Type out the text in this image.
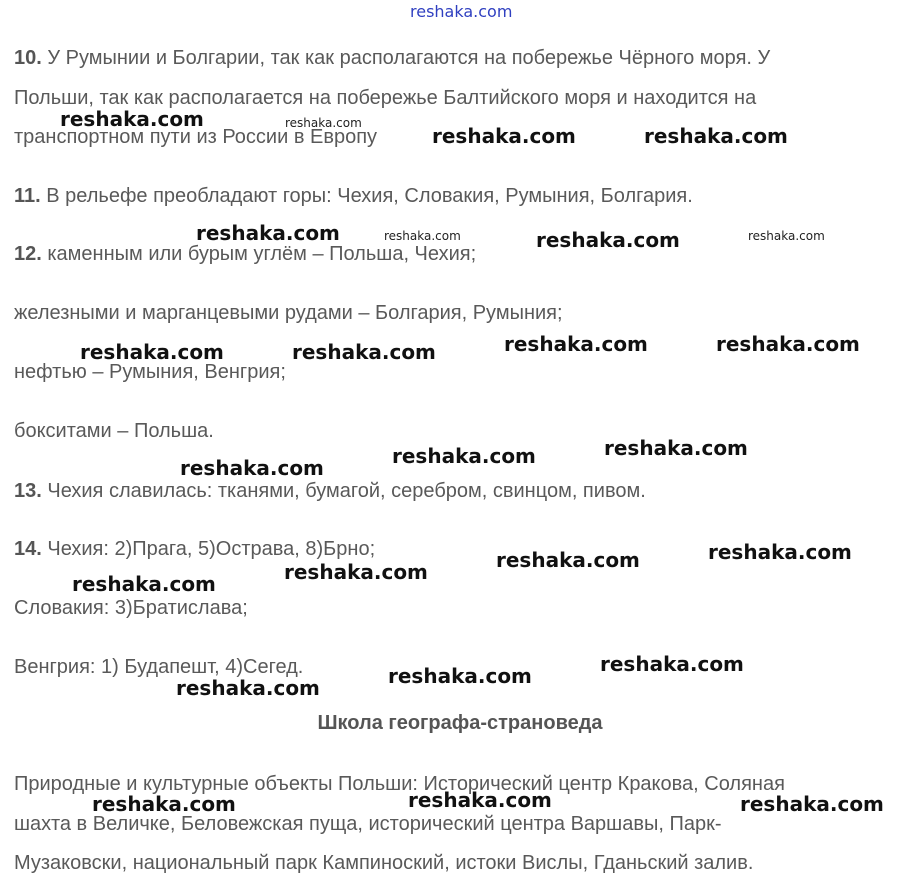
reshaka.com
10. У Румынии и Болгарии, так как располагаются на побережье Чёрного моря. У
Польши, так как располагается на побережье Балтийского моря и находится на
транспортном пути из России в Европу
11. В рельефе преобладают горы: Чехия, Словакия, Румыния, Болгария.
12. каменным или бурым углём – Польша, Чехия;
железными и марганцевыми рудами – Болгария, Румыния;
нефтью – Румыния, Венгрия;
бокситами – Польша.
13. Чехия славилась: тканями, бумагой, серебром, свинцом, пивом.
14. Чехия: 2)Прага, 5)Острава, 8)Брно;
Словакия: 3)Братислава;
Венгрия: 1) Будапешт, 4)Сегед.
Школа географа-страноведа
Природные и культурные объекты Польши: Исторический центр Кракова, Соляная
шахта в Величке, Беловежская пуща, исторический центра Варшавы, Парк-
Музаковски, национальный парк Кампиноский, истоки Вислы, Гданьский залив.
reshaka.com	reshaka.com
reshaka.com	reshaka.com
reshaka.com	reshaka.com	reshaka.com	reshaka.com
reshaka.com	reshaka.com	reshaka.com	reshaka.com
reshaka.com	reshaka.com	reshaka.com
reshaka.com	reshaka.com	reshaka.com	reshaka.com
reshaka.com	reshaka.com	reshaka.com
reshaka.com	reshaka.com	reshaka.com
